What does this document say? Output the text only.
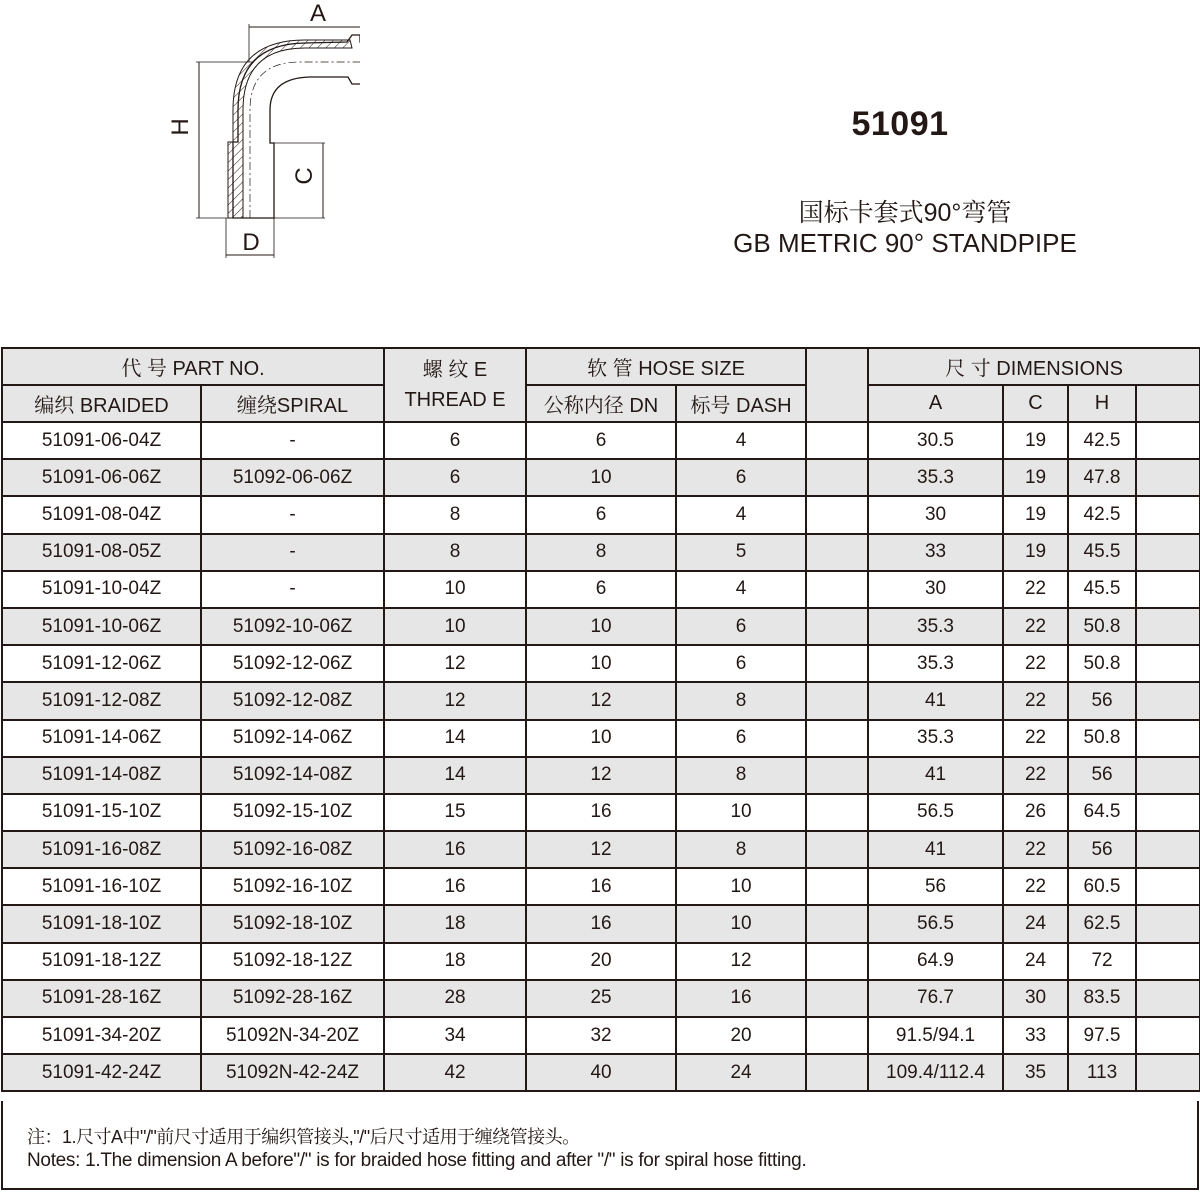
A
H
C
D
51091
国标卡套式90°弯管
GB METRIC 90° STANDPIPE
代 号 PART NO.		螺 纹 E
THREAD E	软 管 HOSE SIZE			尺 寸 DIMENSIONS			
编织 BRAIDED	缠绕SPIRAL		公称内径 DN	标号 DASH		A	C	H	
51091-06-04Z	-	6	6	4		30.5	19	42.5	
51091-06-06Z	51092-06-06Z	6	10	6		35.3	19	47.8	
51091-08-04Z	-	8	6	4		30	19	42.5	
51091-08-05Z	-	8	8	5		33	19	45.5	
51091-10-04Z	-	10	6	4		30	22	45.5	
51091-10-06Z	51092-10-06Z	10	10	6		35.3	22	50.8	
51091-12-06Z	51092-12-06Z	12	10	6		35.3	22	50.8	
51091-12-08Z	51092-12-08Z	12	12	8		41	22	56	
51091-14-06Z	51092-14-06Z	14	10	6		35.3	22	50.8	
51091-14-08Z	51092-14-08Z	14	12	8		41	22	56	
51091-15-10Z	51092-15-10Z	15	16	10		56.5	26	64.5	
51091-16-08Z	51092-16-08Z	16	12	8		41	22	56	
51091-16-10Z	51092-16-10Z	16	16	10		56	22	60.5	
51091-18-10Z	51092-18-10Z	18	16	10		56.5	24	62.5	
51091-18-12Z	51092-18-12Z	18	20	12		64.9	24	72	
51091-28-16Z	51092-28-16Z	28	25	16		76.7	30	83.5	
51091-34-20Z	51092N-34-20Z	34	32	20		91.5/94.1	33	97.5	
51091-42-24Z	51092N-42-24Z	42	40	24		109.4/112.4	35	113	
注：1.尺寸A中"/"前尺寸适用于编织管接头,"/"后尺寸适用于缠绕管接头。
Notes: 1.The dimension A before"/" is for braided hose fitting and after "/" is for spiral hose fitting.
